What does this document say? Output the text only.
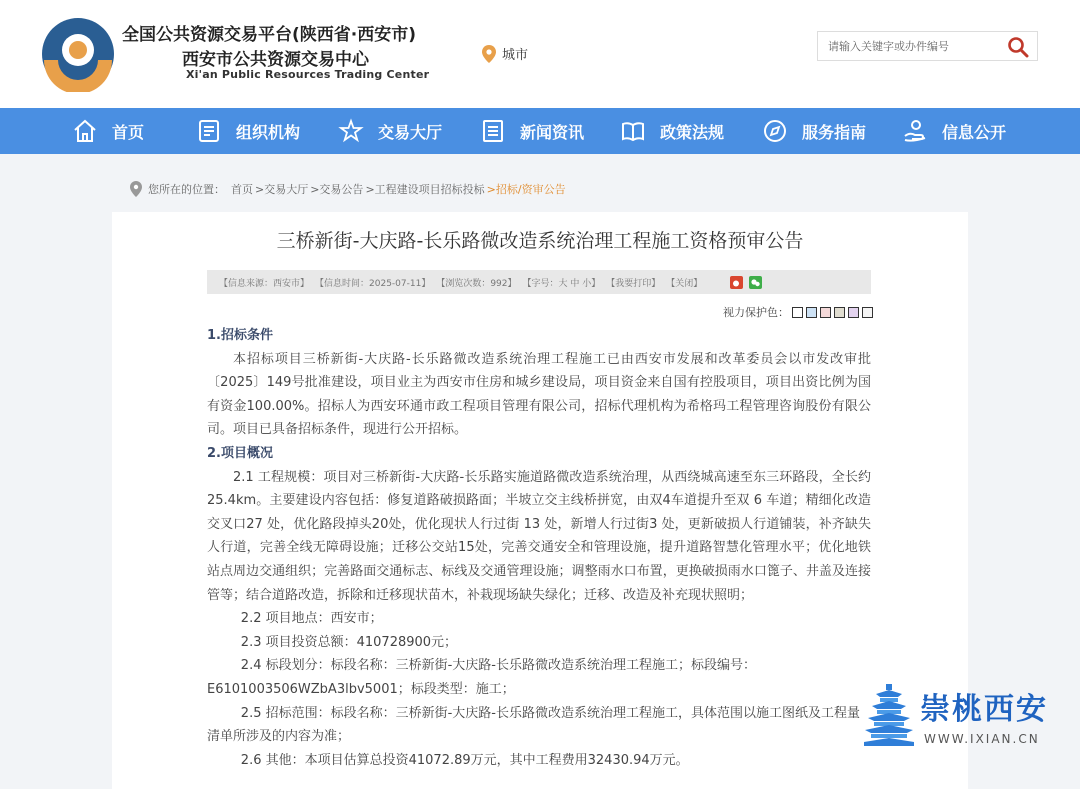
全国公共资源交易平台(陕西省·西安市)
西安市公共资源交易中心
Xi'an Public Resources Trading Center
城市
请输入关键字或办件编号
首页	组织机构	交易大厅	新闻资讯	政策法规	服务指南	信息公开
您所在的位置： 首页 >交易大厅 >交易公告 >工程建设项目招标投标 >招标/资审公告
三桥新街-大庆路-长乐路微改造系统治理工程施工资格预审公告
【信息来源：西安市】 【信息时间：2025-07-11】 【浏览次数：992】 【字号：大 中 小】 【我要打印】 【关闭】
视力保护色：
1.招标条件
本招标项目三桥新街-大庆路-长乐路微改造系统治理工程施工已由西安市发展和改革委员会以市发改审批〔2025〕149号批准建设，项目业主为西安市住房和城乡建设局，项目资金来自国有控股项目，项目出资比例为国有资金100.00%。招标人为西安环通市政工程项目管理有限公司，招标代理机构为希格玛工程管理咨询股份有限公司。项目已具备招标条件，现进行公开招标。
2.项目概况
2.1 工程规模：项目对三桥新街-大庆路-长乐路实施道路微改造系统治理，从西绕城高速至东三环路段，全长约25.4km。主要建设内容包括：修复道路破损路面；半坡立交主线桥拼宽，由双4车道提升至双 6 车道；精细化改造交叉口27 处，优化路段掉头20处，优化现状人行过街 13 处，新增人行过街3 处，更新破损人行道铺装，补齐缺失人行道，完善全线无障碍设施；迁移公交站15处，完善交通安全和管理设施，提升道路智慧化管理水平；优化地铁站点周边交通组织；完善路面交通标志、标线及交通管理设施；调整雨水口布置，更换破损雨水口篦子、井盖及连接管等；结合道路改造，拆除和迁移现状苗木，补栽现场缺失绿化；迁移、改造及补充现状照明；
2.2 项目地点：西安市；
2.3 项目投资总额：410728900元；
2.4 标段划分：标段名称：三桥新街-大庆路-长乐路微改造系统治理工程施工；标段编号：E6101003506WZbA3lbv5001；标段类型：施工；
2.5 招标范围：标段名称：三桥新街-大庆路-长乐路微改造系统治理工程施工，具体范围以施工图纸及工程量清单所涉及的内容为准；
2.6 其他：本项目估算总投资41072.89万元，其中工程费用32430.94万元。
崇桃西安
WWW.IXIAN.CN
